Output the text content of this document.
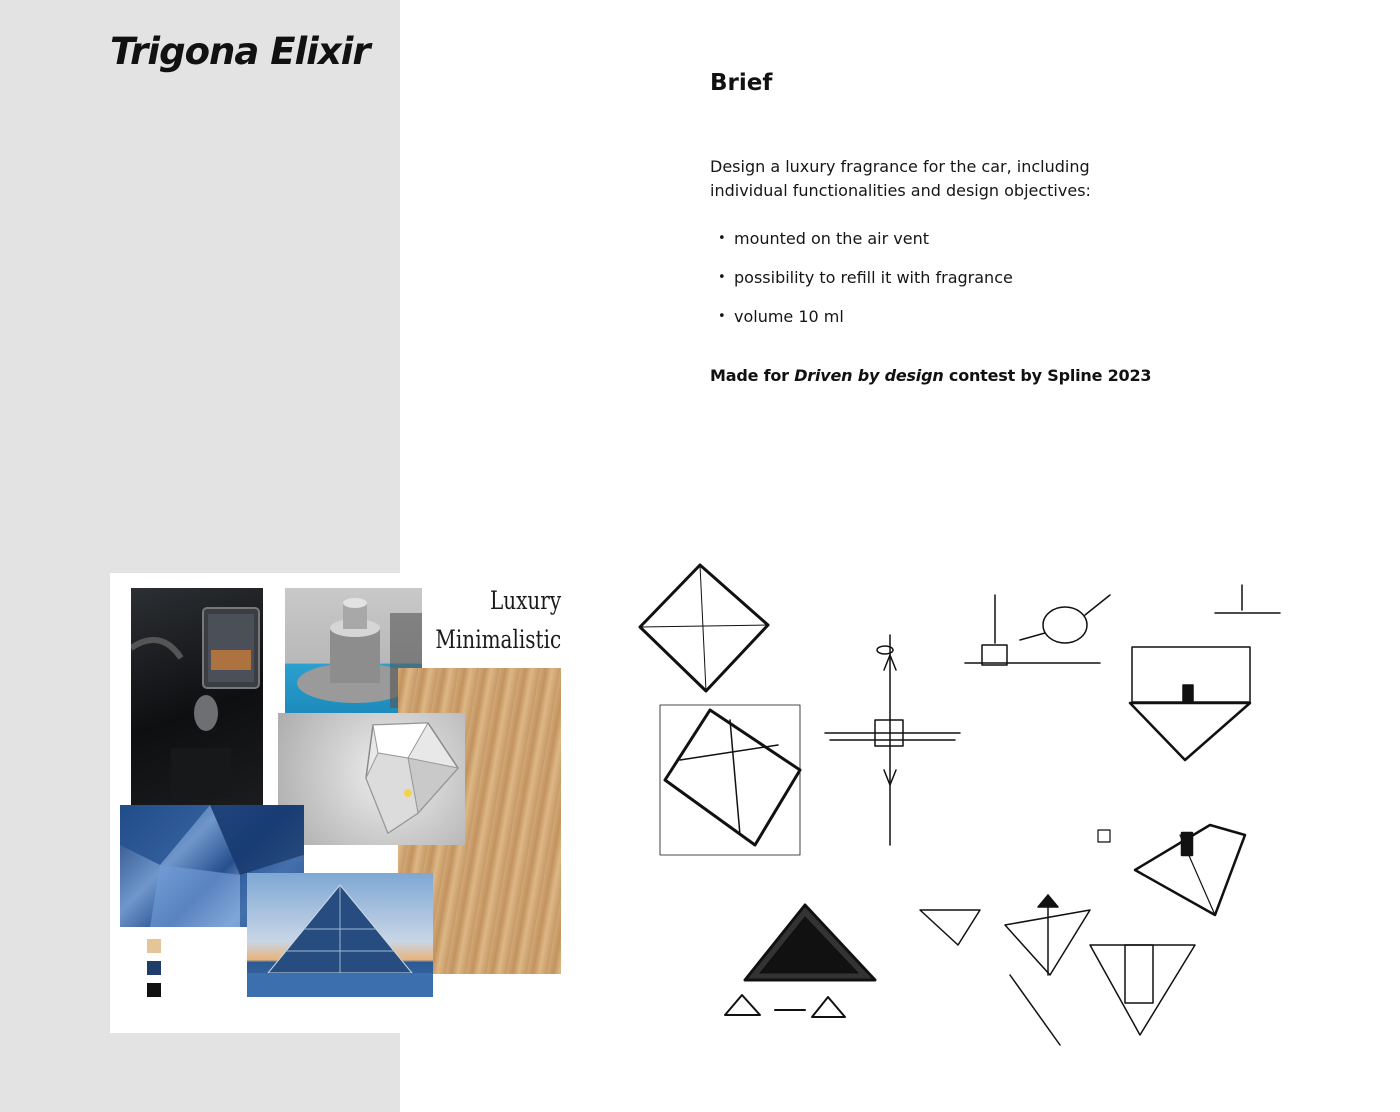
Trigona Elixir
Brief

Design a luxury fragrance for the car, including individual functionalities and design objectives:

• mounted on the air vent
• possibility to refill it with fragrance
• volume 10 ml

Made for Driven by design contest by Spline 2023

Luxury
Minimalistic
